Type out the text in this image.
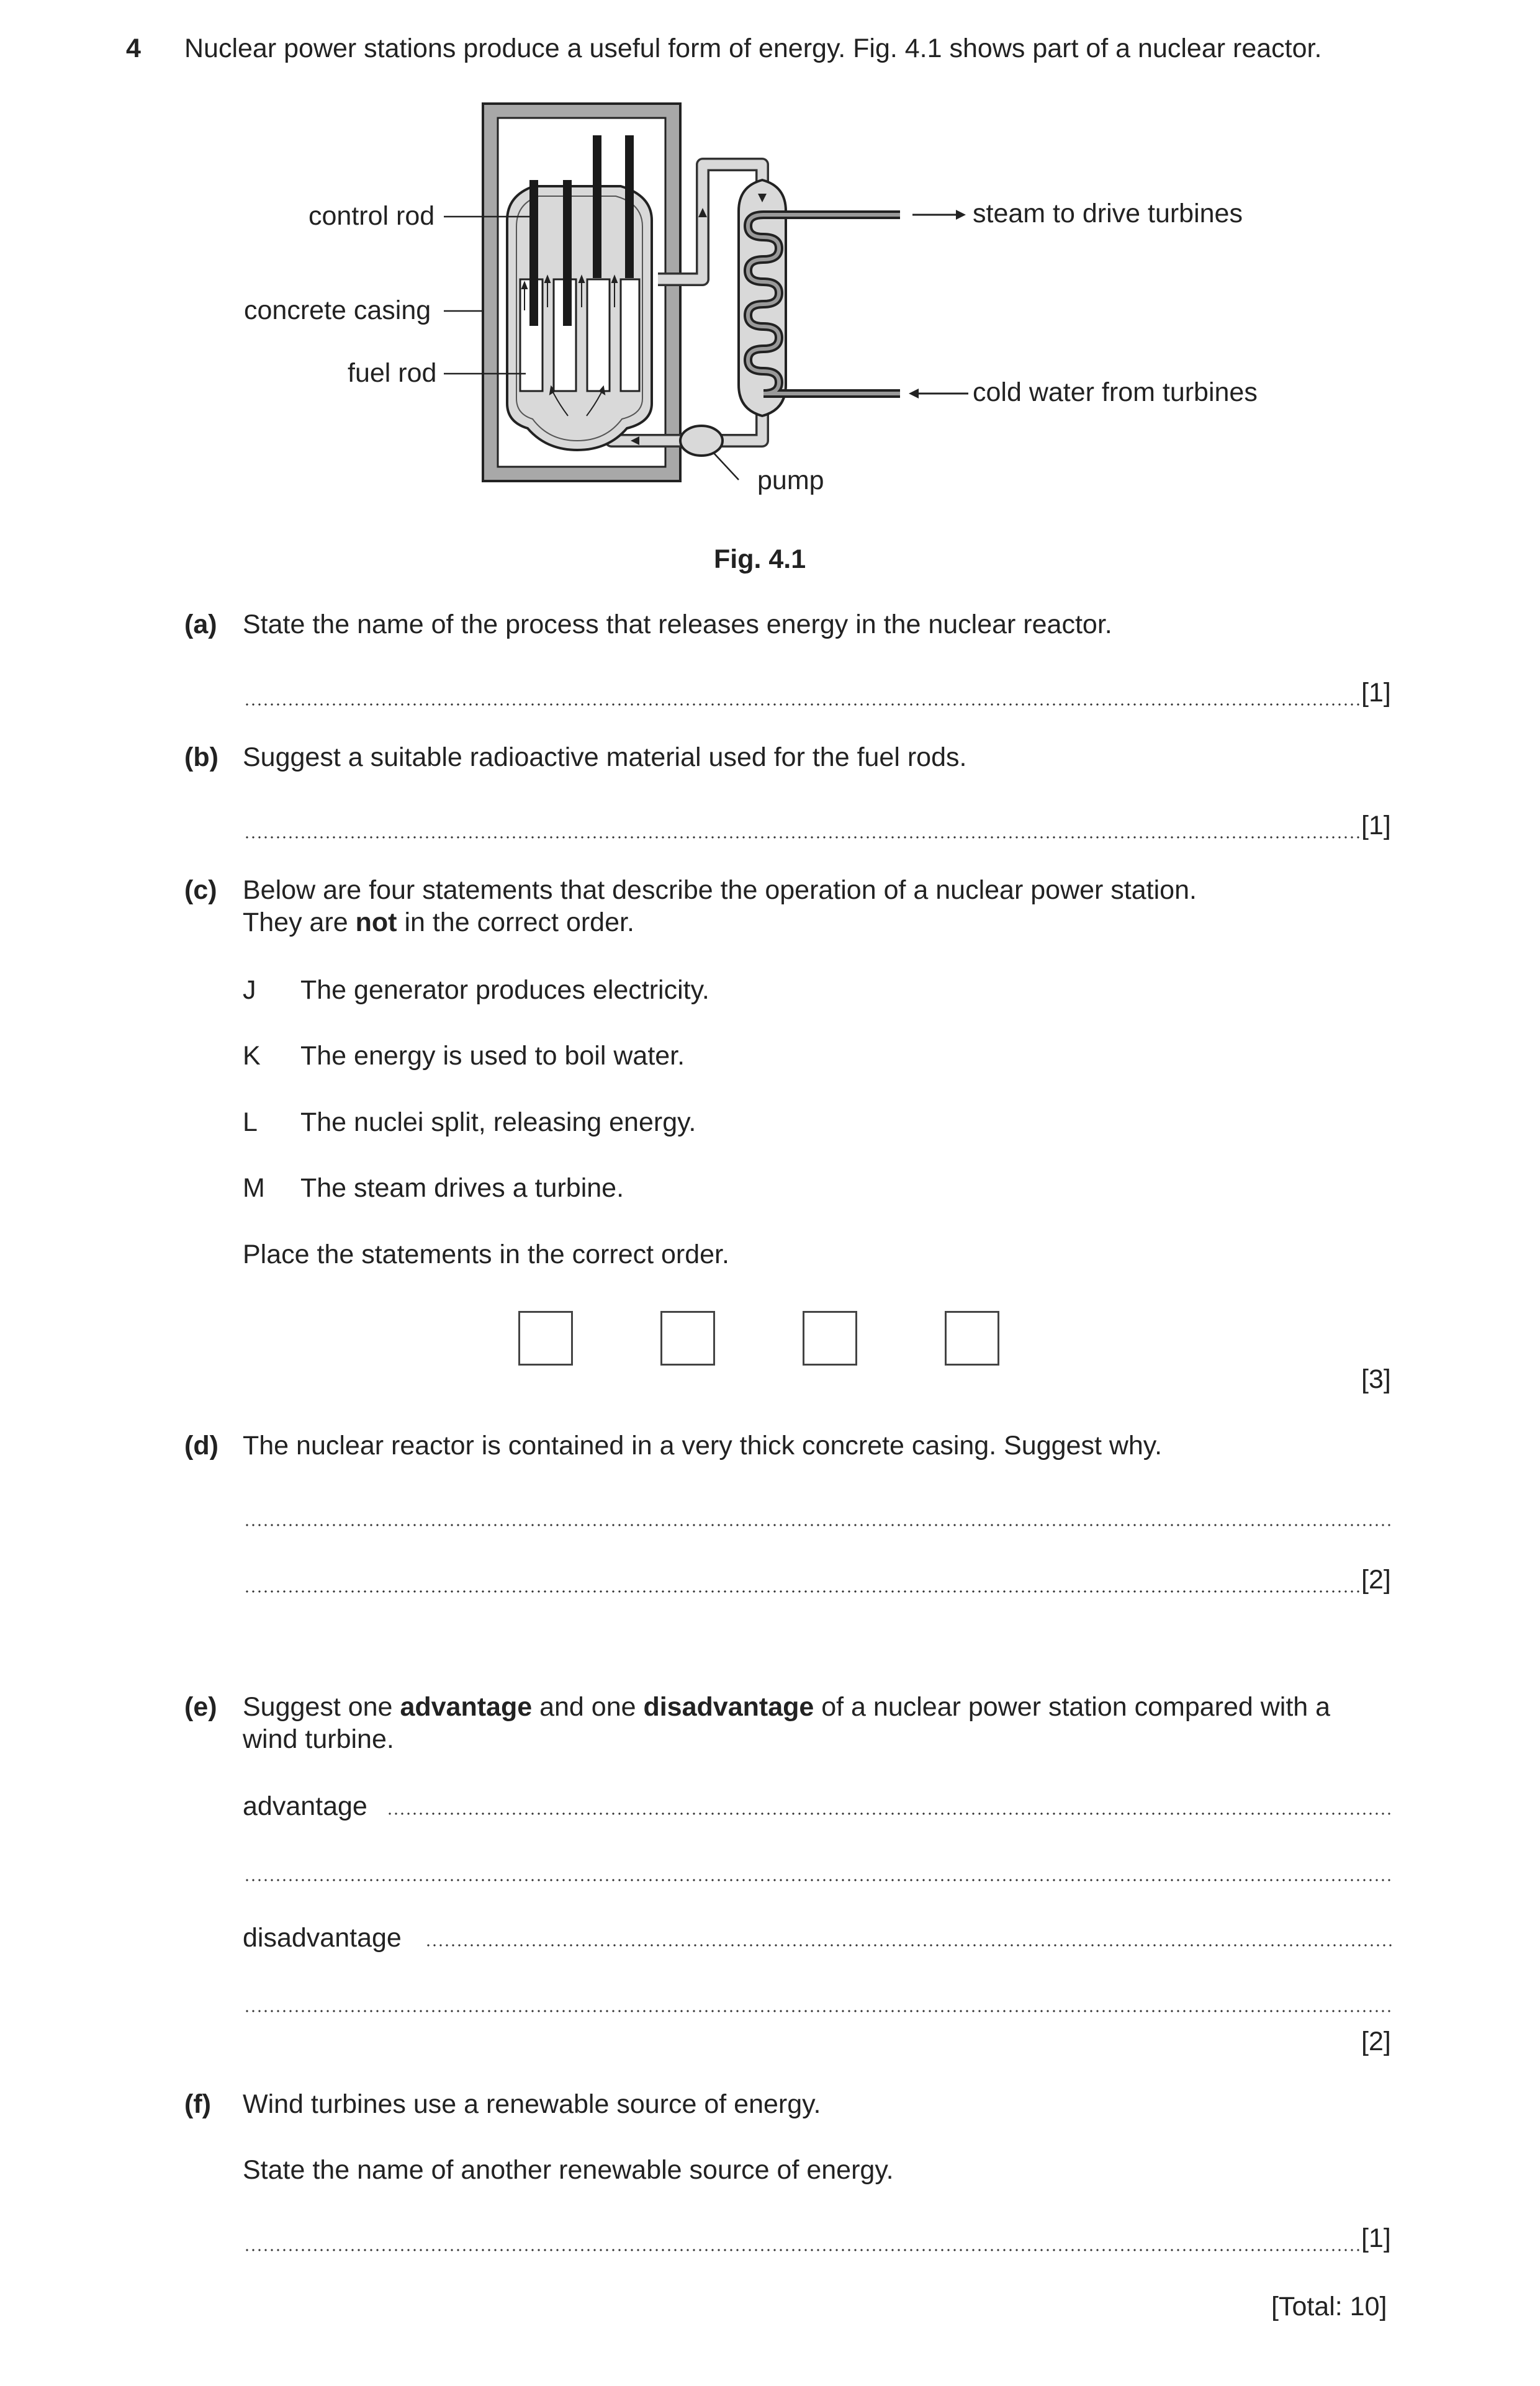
4 Nuclear power stations produce a useful form of energy. Fig. 4.1 shows part of a nuclear reactor.
control rod
concrete casing
fuel rod
steam to drive turbines
cold water from turbines
pump
Fig. 4.1
(a) State the name of the process that releases energy in the nuclear reactor.
[1]
(b) Suggest a suitable radioactive material used for the fuel rods.
[1]
(c) Below are four statements that describe the operation of a nuclear power station.
They are not in the correct order.
J The generator produces electricity.
K The energy is used to boil water.
L The nuclei split, releasing energy.
M The steam drives a turbine.
Place the statements in the correct order.
[3]
(d) The nuclear reactor is contained in a very thick concrete casing. Suggest why.
[2]
(e) Suggest one advantage and one disadvantage of a nuclear power station compared with a
wind turbine.
advantage
disadvantage
[2]
(f) Wind turbines use a renewable source of energy.
State the name of another renewable source of energy.
[1]
[Total: 10]
